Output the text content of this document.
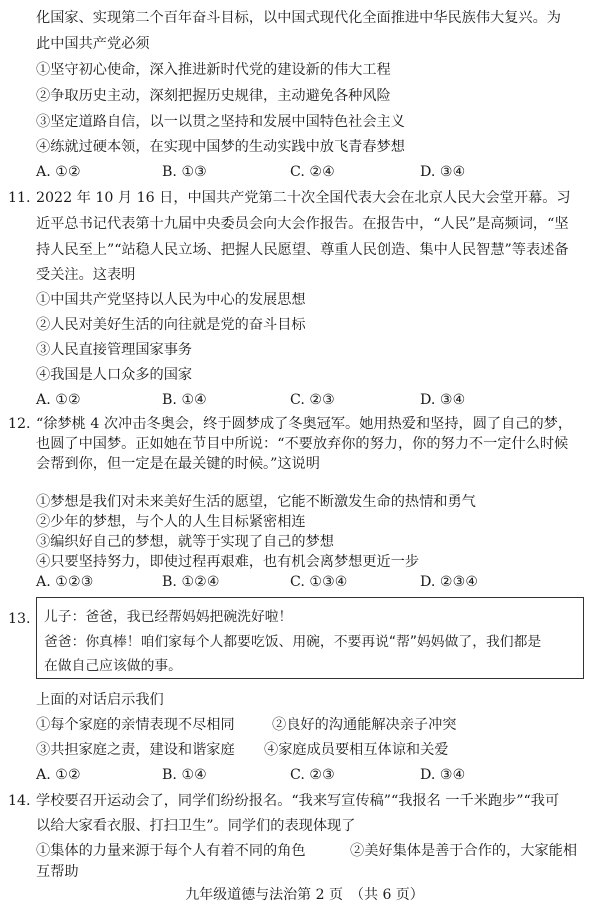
化国家、实现第二个百年奋斗目标，以中国式现代化全面推进中华民族伟大复兴。为
此中国共产党必须
①坚守初心使命，深入推进新时代党的建设新的伟大工程
②争取历史主动，深刻把握历史规律，主动避免各种风险
③坚定道路自信，以一以贯之坚持和发展中国特色社会主义
④练就过硬本领，在实现中国梦的生动实践中放飞青春梦想
A. ①②	B. ①③	C. ②④	D. ③④
11. 2022 年 10 月 16 日，中国共产党第二十次全国代表大会在北京人民大会堂开幕。习
近平总书记代表第十九届中央委员会向大会作报告。在报告中，“人民”是高频词，“坚
持人民至上”“站稳人民立场、把握人民愿望、尊重人民创造、集中人民智慧”等表述备
受关注。这表明
①中国共产党坚持以人民为中心的发展思想
②人民对美好生活的向往就是党的奋斗目标
③人民直接管理国家事务
④我国是人口众多的国家
A. ①②	B. ①④	C. ②③	D. ③④
12. “徐梦桃 4 次冲击冬奥会，终于圆梦成了冬奥冠军。她用热爱和坚持，圆了自己的梦，
也圆了中国梦。正如她在节目中所说：“不要放弃你的努力，你的努力不一定什么时候
会帮到你，但一定是在最关键的时候。”这说明
①梦想是我们对未来美好生活的愿望，它能不断激发生命的热情和勇气
②少年的梦想，与个人的人生目标紧密相连
③编织好自己的梦想，就等于实现了自己的梦想
④只要坚持努力，即使过程再艰难，也有机会离梦想更近一步
13. 儿子：爸爸，我已经帮妈妈把碗洗好啦！
爸爸：你真棒！咱们家每个人都要吃饭、用碗，不要再说“帮”妈妈做了，我们都是
在做自己应该做的事。
上面的对话启示我们
①每个家庭的亲情表现不尽相同	②良好的沟通能解决亲子冲突
③共担家庭之责，建设和谐家庭 ④家庭成员要相互体谅和关爱
A. ①②	B. ①④	C. ②③	D. ③④
14. 学校要召开运动会了，同学们纷纷报名。“我来写宣传稿”“我报名 一千米跑步”“我可
以给大家看衣服、打扫卫生”。同学们的表现体现了
①集体的力量来源于每个人有着不同的角色	②美好集体是善于合作的，大家能相
互帮助
九年级道德与法治第 2 页　（共 6 页）
A. ①②③	B. ①②④	C. ①③④	D. ②③④
